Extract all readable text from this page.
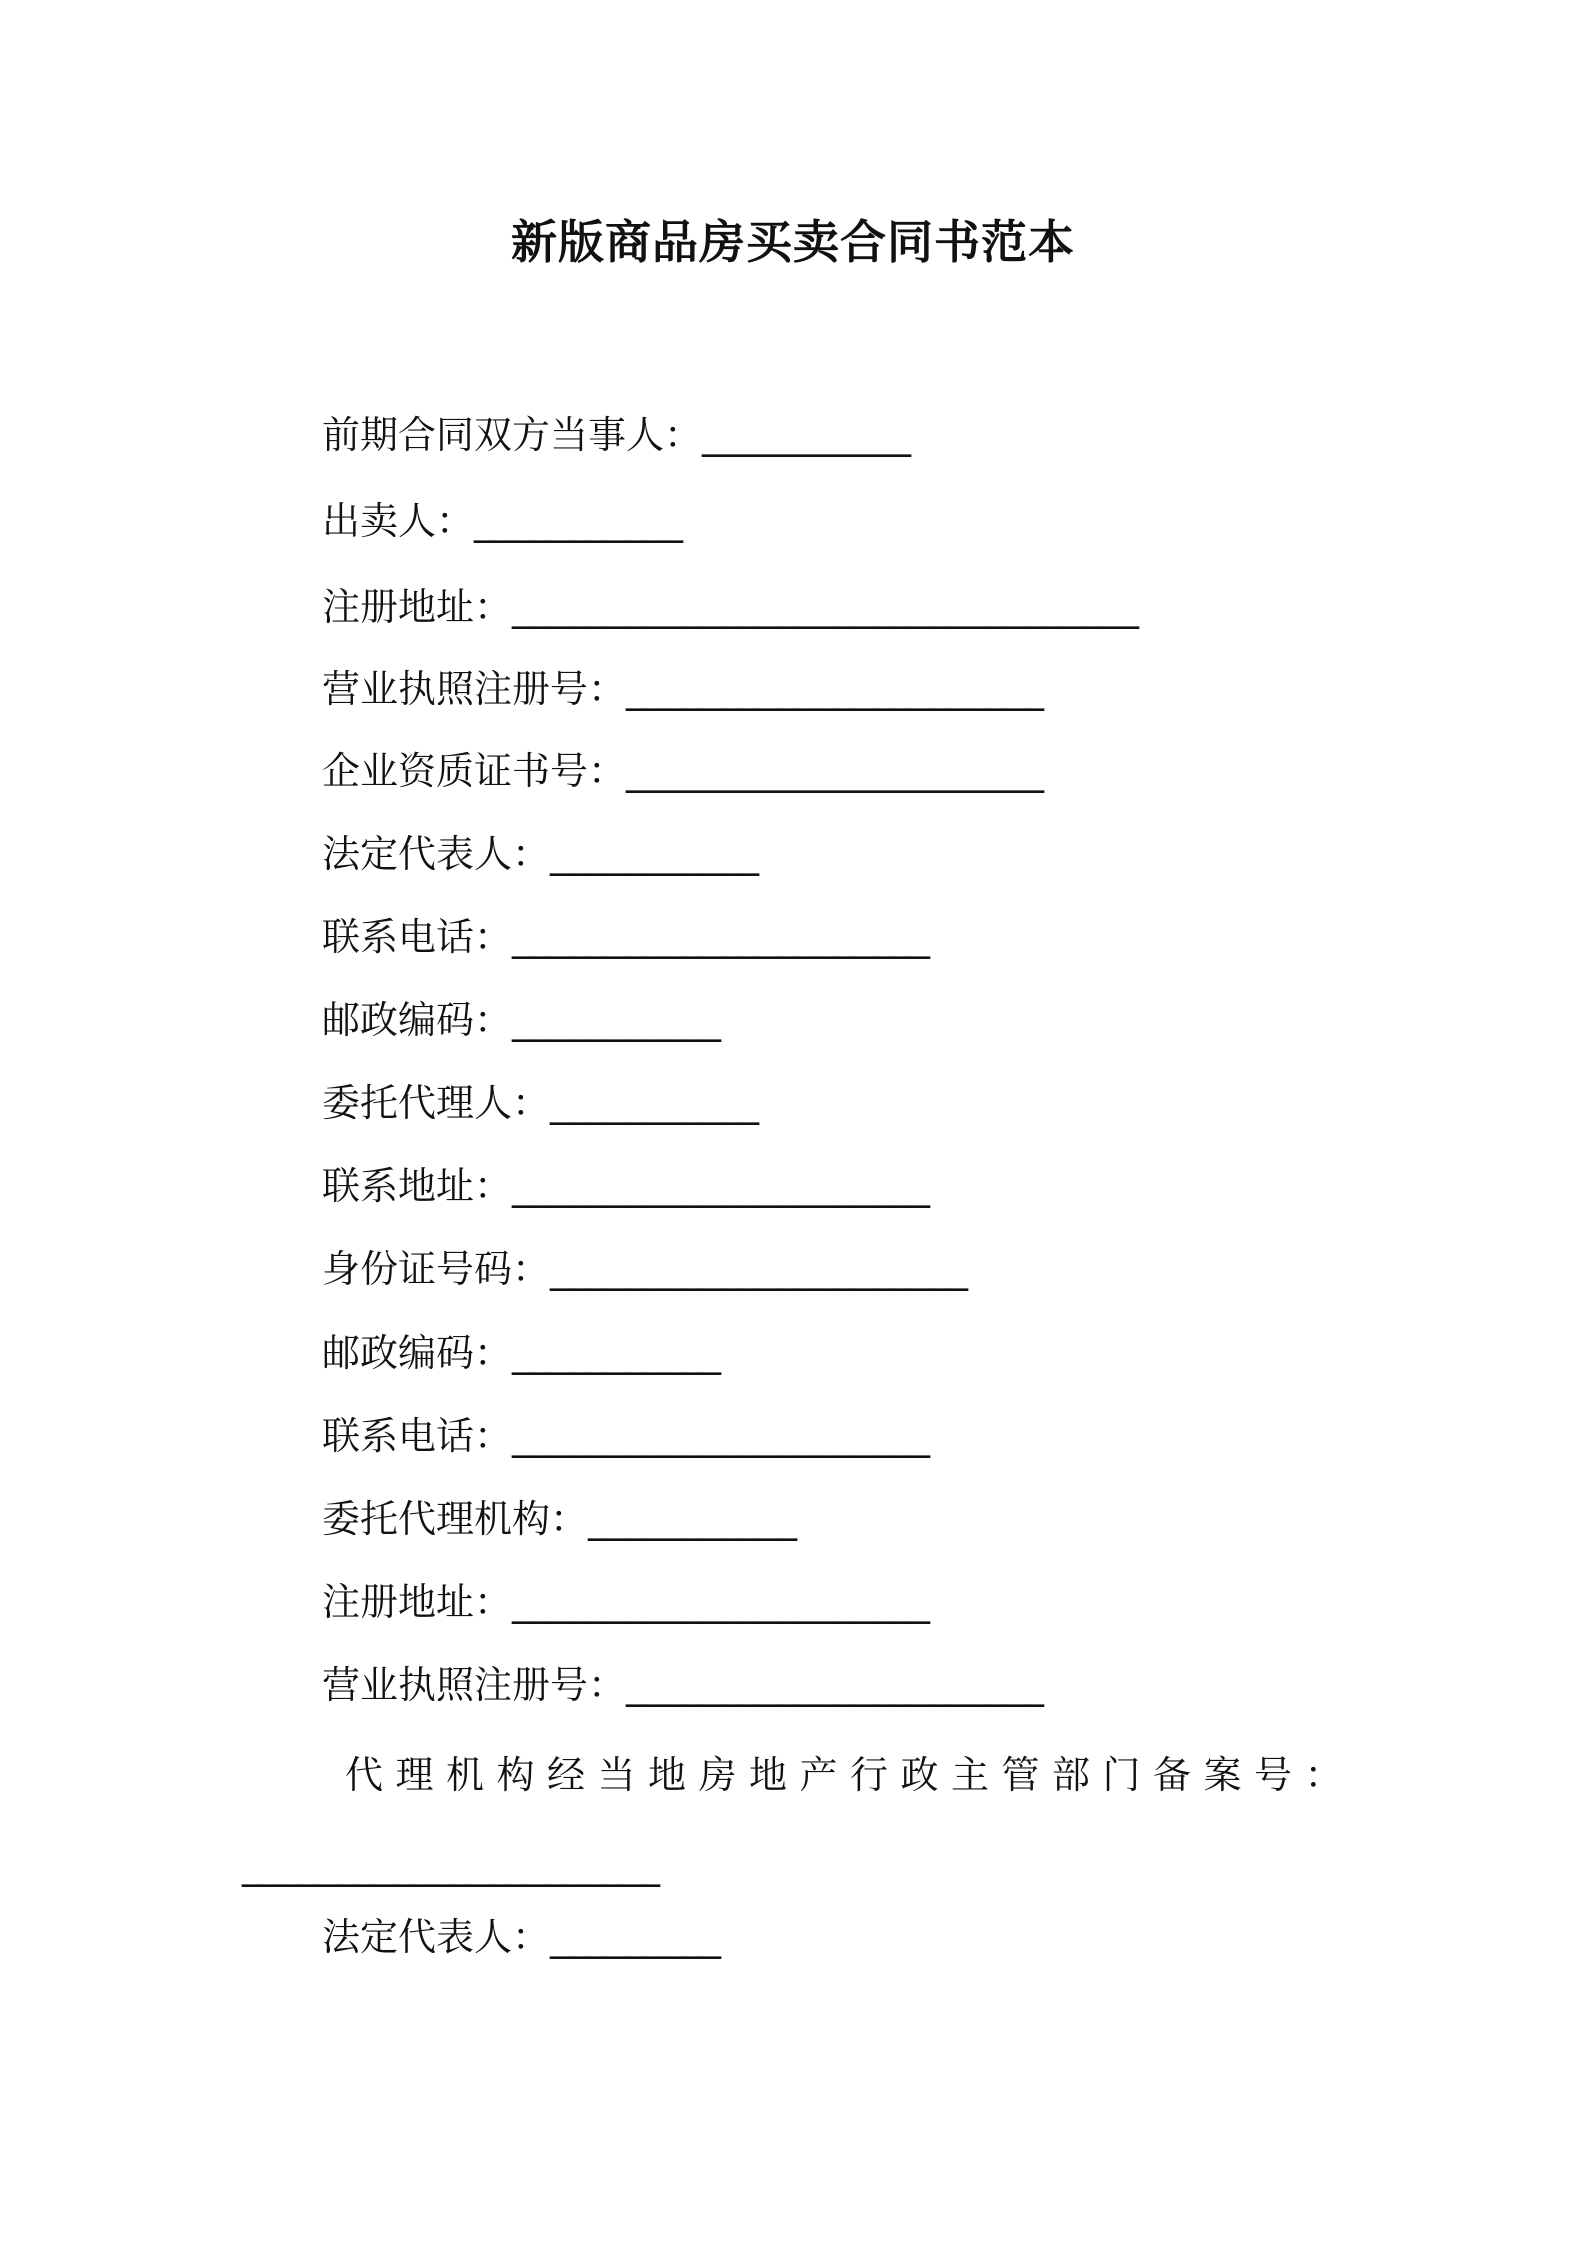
新版商品房买卖合同书范本
前期合同双方当事人：___________
出卖人：___________
注册地址：_________________________________
营业执照注册号：______________________
企业资质证书号：______________________
法定代表人：___________
联系电话：______________________
邮政编码：___________
委托代理人：___________
联系地址：______________________
身份证号码：______________________
邮政编码：___________
联系电话：______________________
委托代理机构：___________
注册地址：______________________
营业执照注册号：______________________
代理机构经当地房地产行政主管部门备案号：
______________________
法定代表人：_________
